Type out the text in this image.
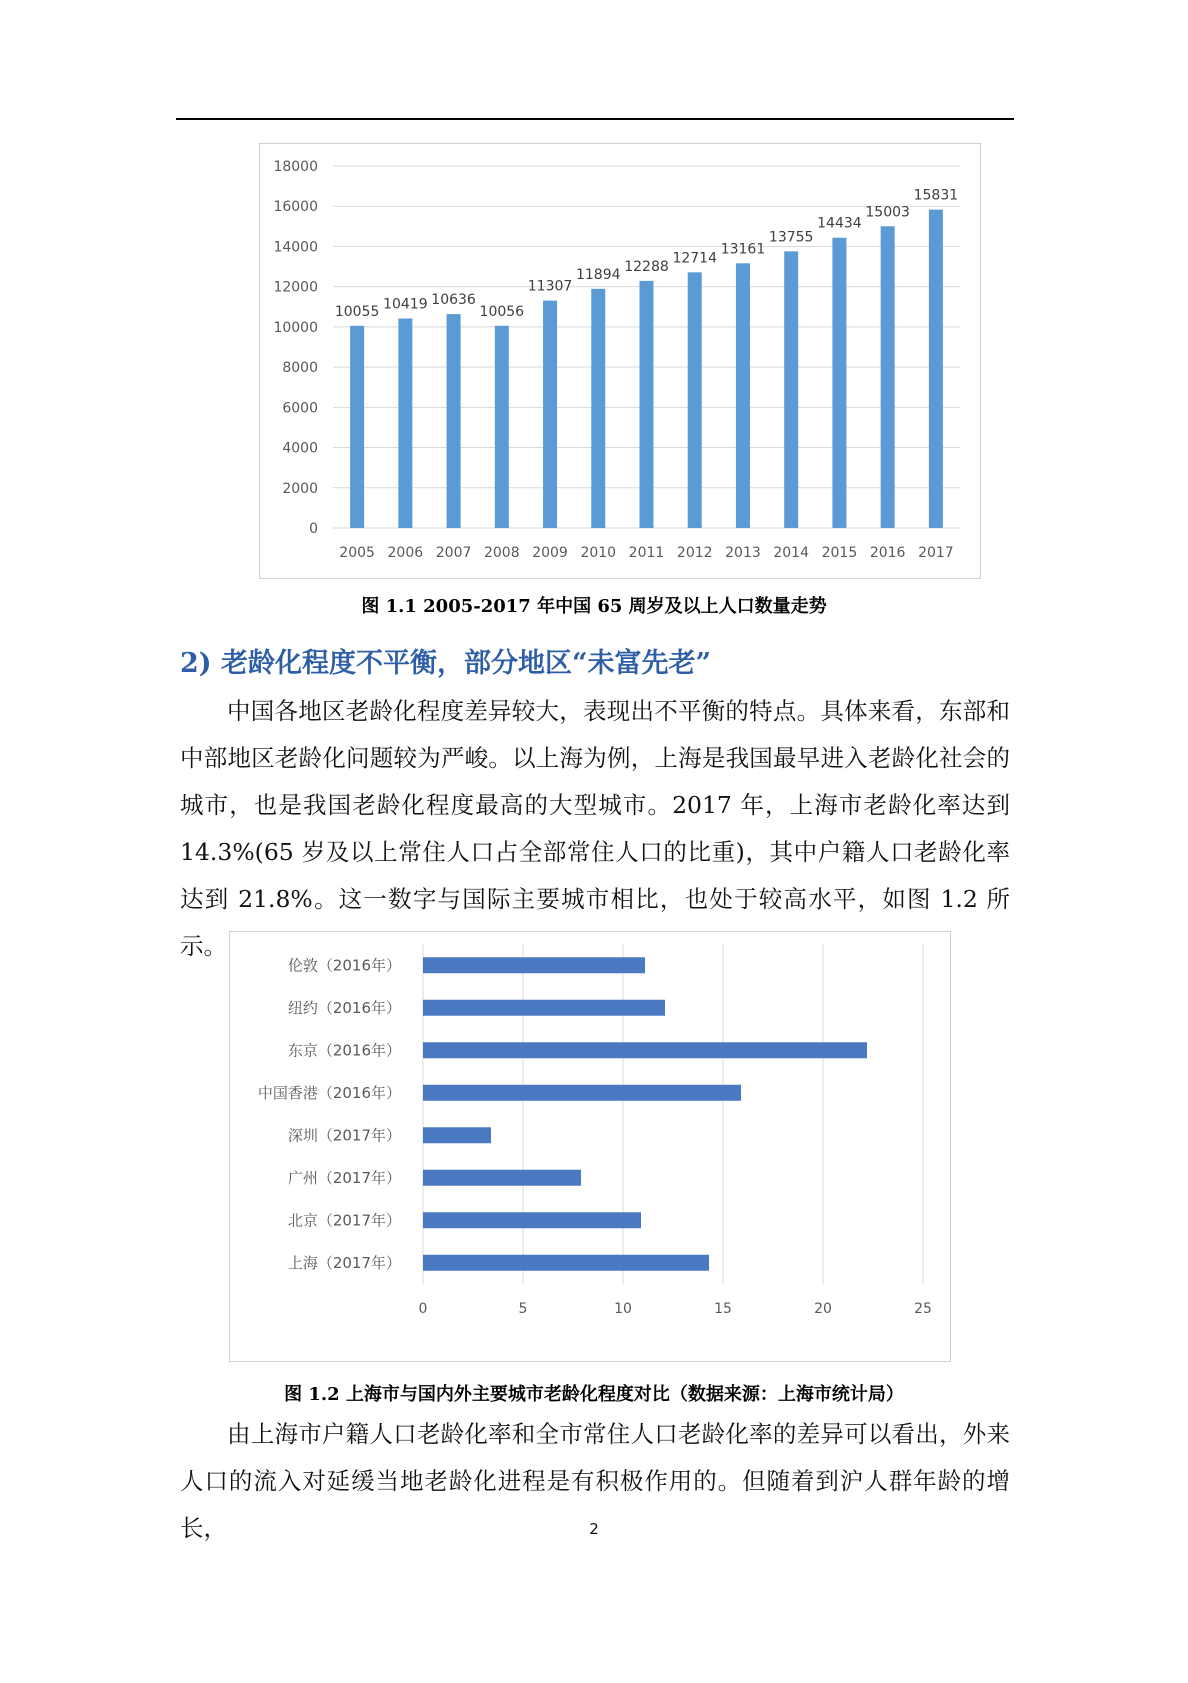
0
2000
4000
6000
8000
10000
12000
14000
16000
18000
10055
2005
10419
2006
10636
2007
10056
2008
11307
2009
11894
2010
12288
2011
12714
2012
13161
2013
13755
2014
14434
2015
15003
2016
15831
2017
图 1.1 2005-2017 年中国 65 周岁及以上人口数量走势
2) 老龄化程度不平衡，部分地区“未富先老”

中国各地区老龄化程度差异较大，表现出不平衡的特点。具体来看，东部和中部地区老龄化问题较为严峻。以上海为例，上海是我国最早进入老龄化社会的城市，也是我国老龄化程度最高的大型城市。2017 年，上海市老龄化率达到 14.3%(65 岁及以上常住人口占全部常住人口的比重)，其中户籍人口老龄化率达到 21.8%。这一数字与国际主要城市相比，也处于较高水平，如图 1.2 所示。

0	5	10	15	20	25
伦敦（2016年）
纽约（2016年）
东京（2016年）
中国香港（2016年）
深圳（2017年）
广州（2017年）
北京（2017年）
上海（2017年）
图 1.2 上海市与国内外主要城市老龄化程度对比（数据来源：上海市统计局）

由上海市户籍人口老龄化率和全市常住人口老龄化率的差异可以看出，外来人口的流入对延缓当地老龄化进程是有积极作用的。但随着到沪人群年龄的增长，	2
